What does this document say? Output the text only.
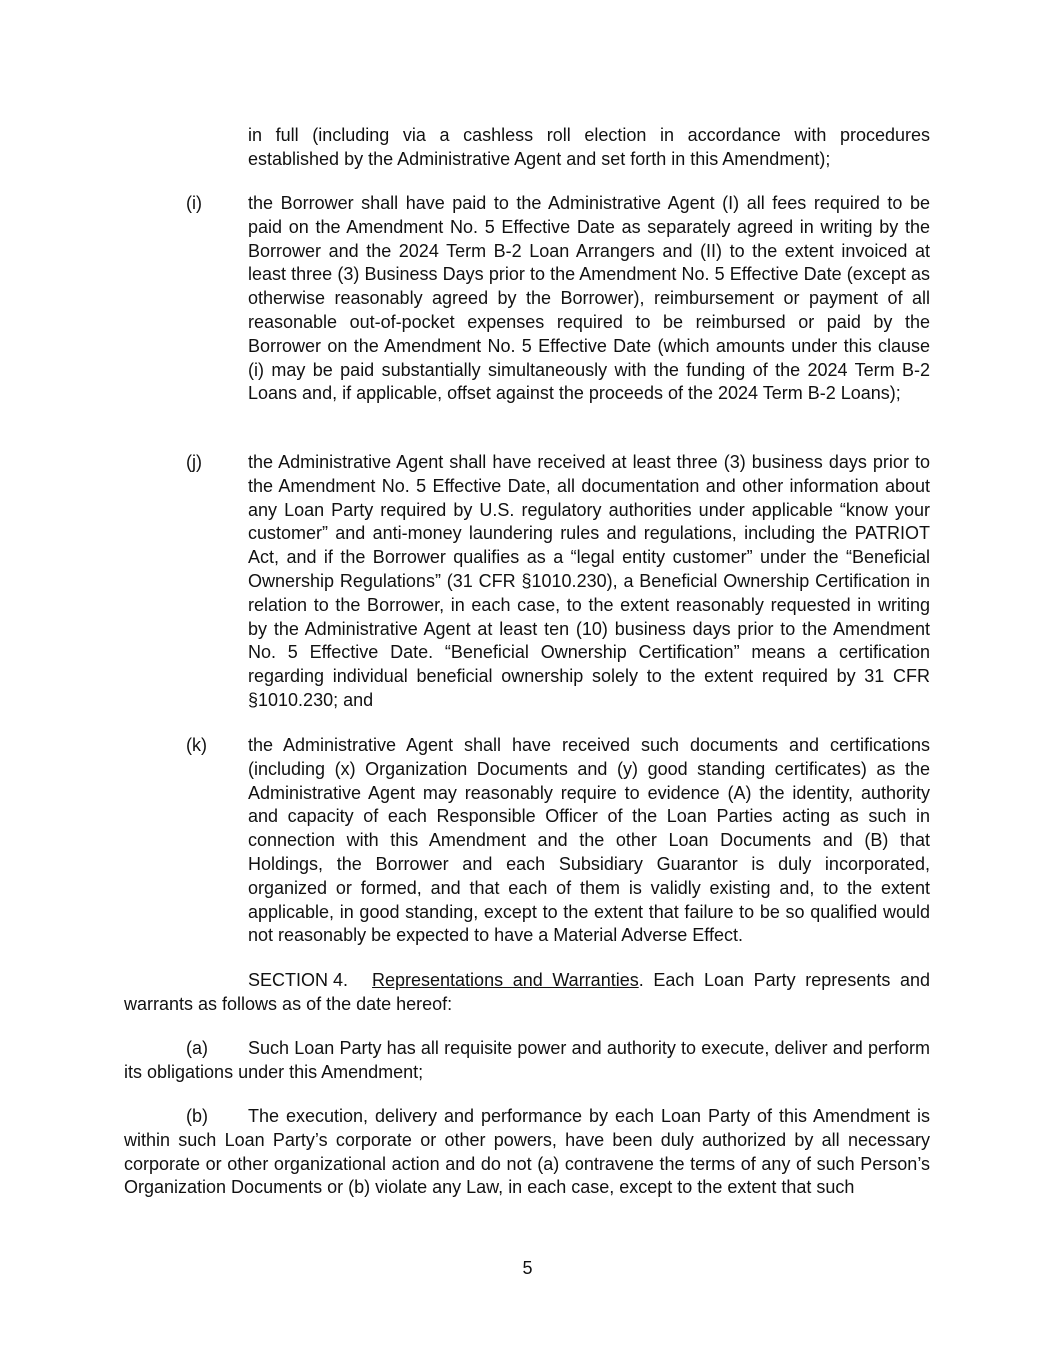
in full (including via a cashless roll election in accordance with procedures established by the Administrative Agent and set forth in this Amendment);

(i)	the Borrower shall have paid to the Administrative Agent (I) all fees required to be paid on the Amendment No. 5 Effective Date as separately agreed in writing by the Borrower and the 2024 Term B-2 Loan Arrangers and (II) to the extent invoiced at least three (3) Business Days prior to the Amendment No. 5 Effective Date (except as otherwise reasonably agreed by the Borrower), reimbursement or payment of all reasonable out-of-pocket expenses required to be reimbursed or paid by the Borrower on the Amendment No. 5 Effective Date (which amounts under this clause (i) may be paid substantially simultaneously with the funding of the 2024 Term B-2 Loans and, if applicable, offset against the proceeds of the 2024 Term B-2 Loans);

(j)	the Administrative Agent shall have received at least three (3) business days prior to the Amendment No. 5 Effective Date, all documentation and other information about any Loan Party required by U.S. regulatory authorities under applicable “know your customer” and anti-money laundering rules and regulations, including the PATRIOT Act, and if the Borrower qualifies as a “legal entity customer” under the “Beneficial Ownership Regulations” (31 CFR §1010.230), a Beneficial Ownership Certification in relation to the Borrower, in each case, to the extent reasonably requested in writing by the Administrative Agent at least ten (10) business days prior to the Amendment No. 5 Effective Date. “Beneficial Ownership Certification” means a certification regarding individual beneficial ownership solely to the extent required by 31 CFR §1010.230; and

(k) the Administrative Agent shall have received such documents and certifications (including (x) Organization Documents and (y) good standing certificates) as the Administrative Agent may reasonably require to evidence (A) the identity, authority and capacity of each Responsible Officer of the Loan Parties acting as such in connection with this Amendment and the other Loan Documents and (B) that Holdings, the Borrower and each Subsidiary Guarantor is duly incorporated, organized or formed, and that each of them is validly existing and, to the extent applicable, in good standing, except to the extent that failure to be so qualified would not reasonably be expected to have a Material Adverse Effect.

SECTION 4. Representations and Warranties. Each Loan Party represents and warrants as follows as of the date hereof:

(a) Such Loan Party has all requisite power and authority to execute, deliver and perform its obligations under this Amendment;

(b) The execution, delivery and performance by each Loan Party of this Amendment is within such Loan Party’s corporate or other powers, have been duly authorized by all necessary corporate or other organizational action and do not (a) contravene the terms of any of such Person’s Organization Documents or (b) violate any Law, in each case, except to the extent that such

5
